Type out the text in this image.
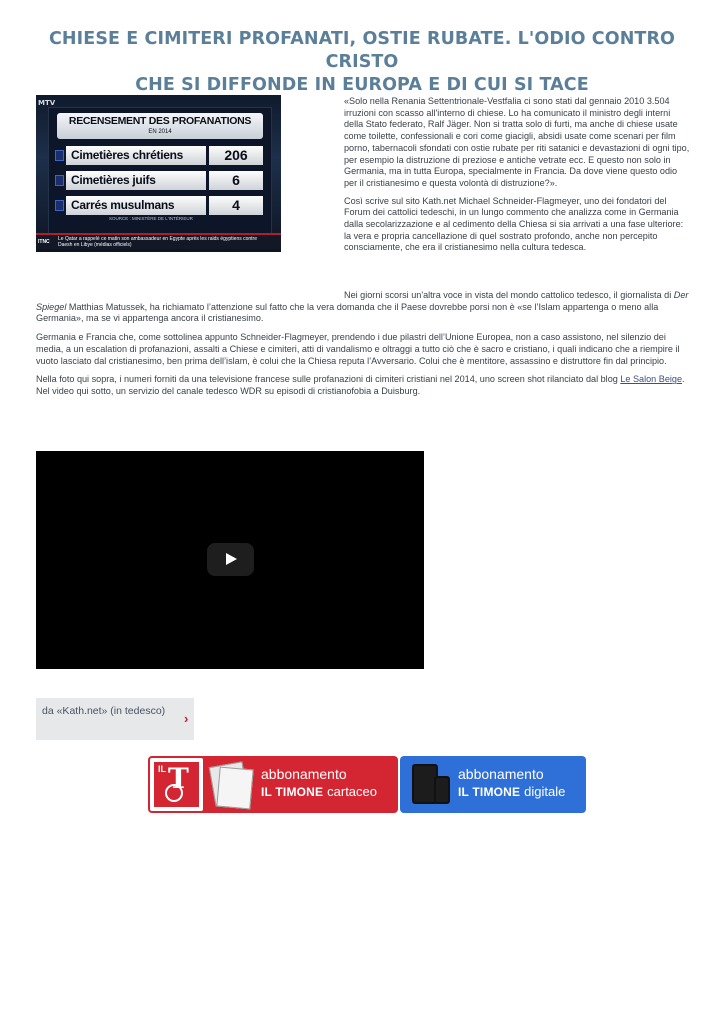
CHIESE E CIMITERI PROFANATI, OSTIE RUBATE. L'ODIO CONTRO CRISTO
CHE SI DIFFONDE IN EUROPA E DI CUI SI TACE
MTV
RECENSEMENT DES PROFANATIONS
EN 2014
Cimetières chrétiens	206
Cimetières juifs	6
Carrés musulmans	4
SOURCE : MINISTÈRE DE L'INTÉRIEUR
ITNC Le Qatar a rappelé ce matin son ambassadeur en Egypte après les raids égyptiens contre Daesh en Libye (médias officiels)

«Solo nella Renania Settentrionale-Vestfalia ci sono stati dal gennaio 2010 3.504 irruzioni con scasso all'interno di chiese. Lo ha comunicato il ministro degli interni della Stato federato, Ralf Jäger. Non si tratta solo di furti, ma anche di chiese usate come toilette, confessionali e cori come giacigli, absidi usate come scenari per film porno, tabernacoli sfondati con ostie rubate per riti satanici e devastazioni di ogni tipo, per esempio la distruzione di preziose e antiche vetrate ecc. E questo non solo in Germania, ma in tutta Europa, specialmente in Francia. Da dove viene questo odio per il cristianesimo e questa volontà di distruzione?».

Così scrive sul sito Kath.net Michael Schneider-Flagmeyer, uno dei fondatori del Forum dei cattolici tedeschi, in un lungo commento che analizza come in Germania dalla secolarizzazione e al cedimento della Chiesa si sia arrivati a una fase ulteriore: la vera e propria cancellazione di quel sostrato profondo, anche non percepito consciamente, che era il cristianesimo nella cultura tedesca.

Nei giorni scorsi un'altra voce in vista del mondo cattolico tedesco, il giornalista di Der Spiegel Matthias Matussek, ha richiamato l’attenzione sul fatto che la vera domanda che il Paese dovrebbe porsi non è «se l’Islam appartenga o meno alla Germania», ma se vi appartenga ancora il cristianesimo.

Germania e Francia che, come sottolinea appunto Schneider-Flagmeyer, prendendo i due pilastri dell’Unione Europea, non a caso assistono, nel silenzio dei media, a un escalation di profanazioni, assalti a Chiese e cimiteri, atti di vandalismo e oltraggi a tutto ciò che è sacro e cristiano, i quali indicano che a riempire il vuoto lasciato dal cristianesimo, ben prima dell’islam, è colui che la Chiesa reputa l’Avversario. Colui che è mentitore, assassino e distruttore fin dal principio.

Nella foto qui sopra, i numeri forniti da una televisione francese sulle profanazioni di cimiteri cristiani nel 2014, uno screen shot rilanciato dal blog Le Salon Beige. Nel video qui sotto, un servizio del canale tedesco WDR su episodi di cristianofobia a Duisburg.

da «Kath.net» (in tedesco)	›
IL T	abbonamento
IL TIMONE cartaceo
abbonamento
IL TIMONE digitale
